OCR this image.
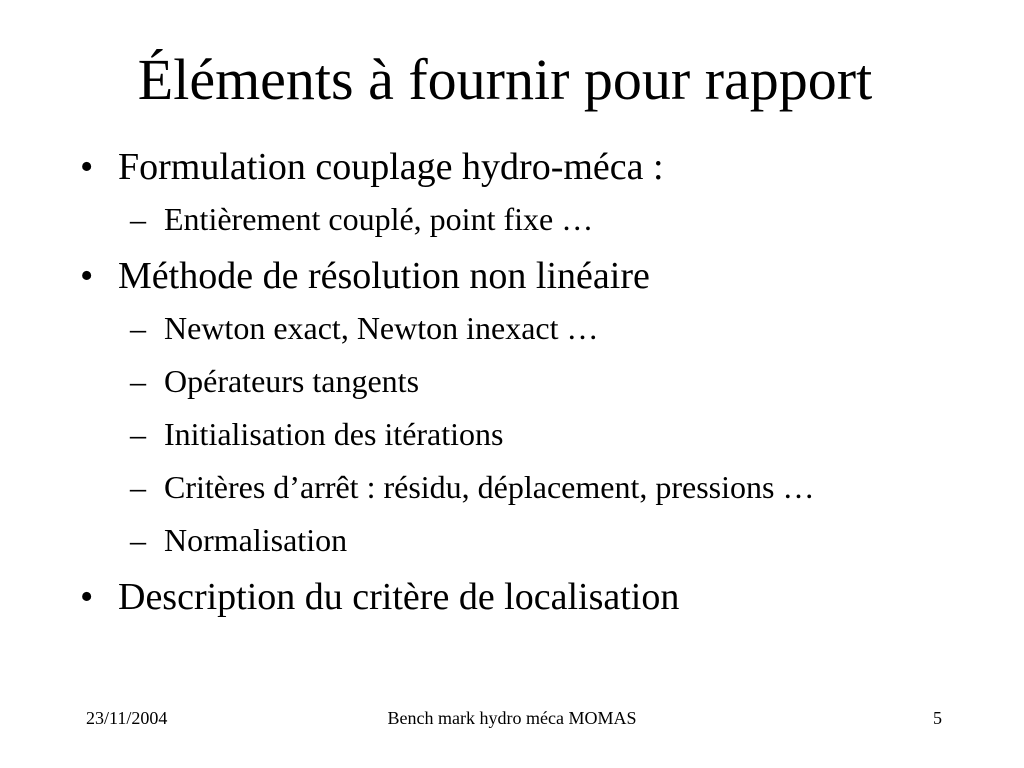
Éléments à fournir pour rapport
• Formulation couplage hydro-méca :
– Entièrement couplé, point fixe …
• Méthode de résolution non linéaire
– Newton exact, Newton inexact …
– Opérateurs tangents
– Initialisation des itérations
– Critères d’arrêt : résidu, déplacement, pressions …
– Normalisation
• Description du critère de localisation
23/11/2004	Bench mark hydro méca MOMAS	5
